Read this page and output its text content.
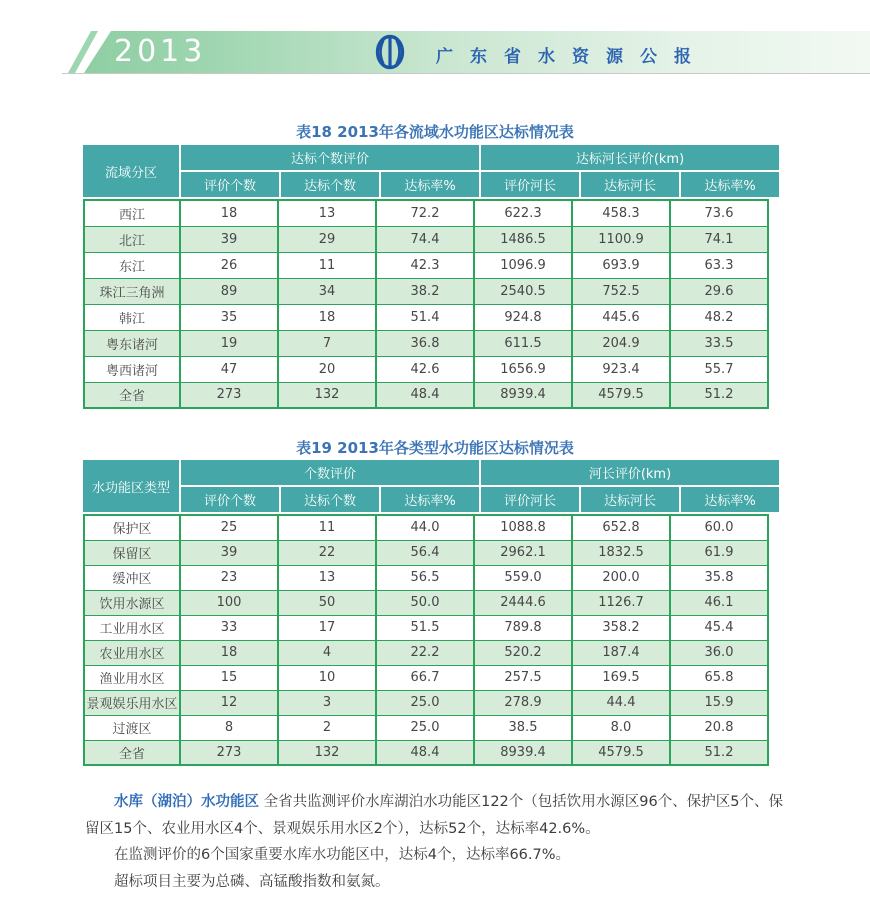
2013	广东省水资源公报
表18 2013年各流域水功能区达标情况表
流域分区
达标个数评价	达标河长评价(km)
评价个数	达标个数	达标率%	评价河长	达标河长	达标率%
西江	18	13	72.2	622.3	458.3	73.6
北江	39	29	74.4	1486.5	1100.9	74.1
东江	26	11	42.3	1096.9	693.9	63.3
珠江三角洲	89	34	38.2	2540.5	752.5	29.6
韩江	35	18	51.4	924.8	445.6	48.2
粤东诸河	19	7	36.8	611.5	204.9	33.5
粤西诸河	47	20	42.6	1656.9	923.4	55.7
全省	273	132	48.4	8939.4	4579.5	51.2
表19 2013年各类型水功能区达标情况表
水功能区类型
个数评价	河长评价(km)
评价个数	达标个数	达标率%	评价河长	达标河长	达标率%
保护区	25	11	44.0	1088.8	652.8	60.0
保留区	39	22	56.4	2962.1	1832.5	61.9
缓冲区	23	13	56.5	559.0	200.0	35.8
饮用水源区	100	50	50.0	2444.6	1126.7	46.1
工业用水区	33	17	51.5	789.8	358.2	45.4
农业用水区	18	4	22.2	520.2	187.4	36.0
渔业用水区	15	10	66.7	257.5	169.5	65.8
景观娱乐用水区	12	3	25.0	278.9	44.4	15.9
过渡区	8	2	25.0	38.5	8.0	20.8
全省	273	132	48.4	8939.4	4579.5	51.2

水库（湖泊）水功能区 全省共监测评价水库湖泊水功能区122个（包括饮用水源区96个、保护区5个、保留区15个、农业用水区4个、景观娱乐用水区2个），达标52个，达标率42.6%。

在监测评价的6个国家重要水库水功能区中，达标4个，达标率66.7%。

超标项目主要为总磷、高锰酸指数和氨氮。
